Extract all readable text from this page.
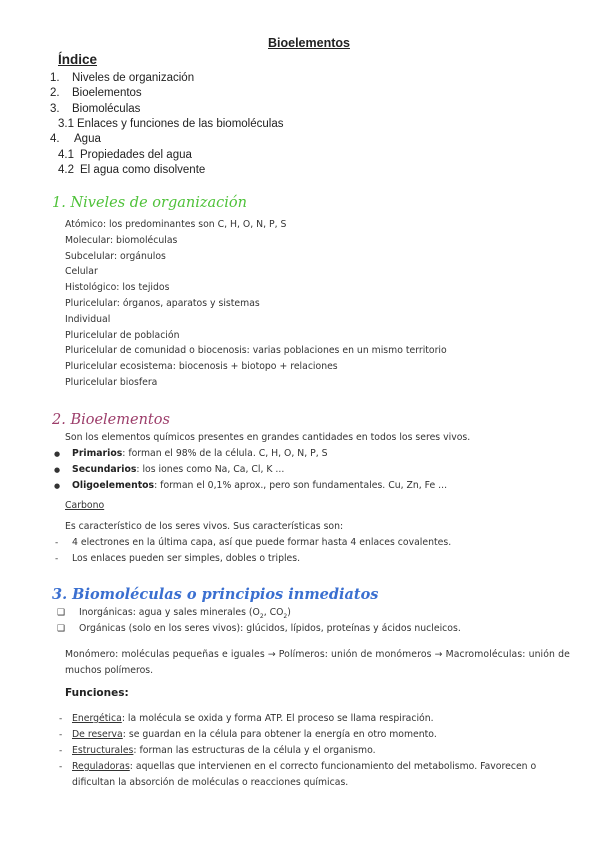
Bioelementos
Índice
1. Niveles de organización
2. Bioelementos
3. Biomoléculas
3.1 Enlaces y funciones de las biomoléculas
4. Agua
4.1 Propiedades del agua
4.2 El agua como disolvente
1. Niveles de organización
Atómico: los predominantes son C, H, O, N, P, S
Molecular: biomoléculas
Subcelular: orgánulos
Celular
Histológico: los tejidos
Pluricelular: órganos, aparatos y sistemas
Individual
Pluricelular de población
Pluricelular de comunidad o biocenosis: varias poblaciones en un mismo territorio
Pluricelular ecosistema: biocenosis + biotopo + relaciones
Pluricelular biosfera
2. Bioelementos
Son los elementos químicos presentes en grandes cantidades en todos los seres vivos.
● Primarios: forman el 98% de la célula. C, H, O, N, P, S
● Secundarios: los iones como Na, Ca, Cl, K ...
● Oligoelementos: forman el 0,1% aprox., pero son fundamentales. Cu, Zn, Fe ...
Carbono
Es característico de los seres vivos. Sus características son:
- 4 electrones en la última capa, así que puede formar hasta 4 enlaces covalentes.
- Los enlaces pueden ser simples, dobles o triples.
3. Biomoléculas o principios inmediatos
❑ Inorgánicas: agua y sales minerales ($O_2$, $CO_2$)
❑ Orgánicas (solo en los seres vivos): glúcidos, lípidos, proteínas y ácidos nucleicos.
Monómero: moléculas pequeñas e iguales → Polímeros: unión de monómeros → Macromoléculas: unión de
muchos polímeros.
Funciones:
- Energética: la molécula se oxida y forma ATP. El proceso se llama respiración.
- De reserva: se guardan en la célula para obtener la energía en otro momento.
- Estructurales: forman las estructuras de la célula y el organismo.
- Reguladoras: aquellas que intervienen en el correcto funcionamiento del metabolismo. Favorecen o
dificultan la absorción de moléculas o reacciones químicas.
